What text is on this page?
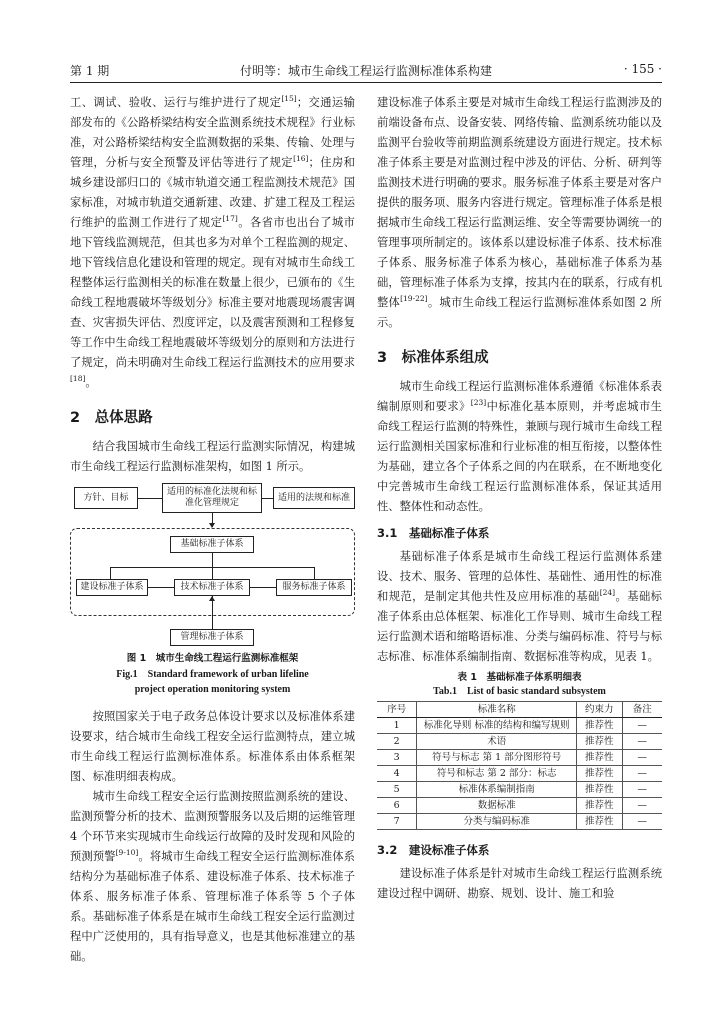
第 1 期	付明等：城市生命线工程运行监测标准体系构建	· 155 ·

工、调试、验收、运行与维护进行了规定[15]；交通运输部发布的《公路桥梁结构安全监测系统技术规程》行业标准，对公路桥梁结构安全监测数据的采集、传输、处理与管理，分析与安全预警及评估等进行了规定[16]；住房和城乡建设部归口的《城市轨道交通工程监测技术规范》国家标准，对城市轨道交通新建、改建、扩建工程及工程运行维护的监测工作进行了规定[17]。各省市也出台了城市地下管线监测规范，但其也多为对单个工程监测的规定、地下管线信息化建设和管理的规定。现有对城市生命线工程整体运行监测相关的标准在数量上很少，已颁布的《生命线工程地震破坏等级划分》标准主要对地震现场震害调查、灾害损失评估、烈度评定，以及震害预测和工程修复等工作中生命线工程地震破坏等级划分的原则和方法进行了规定，尚未明确对生命线工程运行监测技术的应用要求[18]。

2　总体思路

结合我国城市生命线工程运行监测实际情况，构建城市生命线工程运行监测标准架构，如图 1 所示。

方针、目标
适用的标准化法规和标准化管理规定
适用的法规和标准
基础标准子体系
建设标准子体系	技术标准子体系	服务标准子体系
管理标准子体系
图 1　城市生命线工程运行监测标准框架
Fig.1　Standard framework of urban lifeline
project operation monitoring system

按照国家关于电子政务总体设计要求以及标准体系建设要求，结合城市生命线工程安全运行监测特点，建立城市生命线工程运行监测标准体系。标准体系由体系框架图、标准明细表构成。

城市生命线工程安全运行监测按照监测系统的建设、监测预警分析的技术、监测预警服务以及后期的运维管理 4 个环节来实现城市生命线运行故障的及时发现和风险的预测预警[9-10]。将城市生命线工程安全运行监测标准体系结构分为基础标准子体系、建设标准子体系、技术标准子体系、服务标准子体系、管理标准子体系等 5 个子体系。基础标准子体系是在城市生命线工程安全运行监测过程中广泛使用的，具有指导意义，也是其他标准建立的基础。

建设标准子体系主要是对城市生命线工程运行监测涉及的前端设备布点、设备安装、网络传输、监测系统功能以及监测平台验收等前期监测系统建设方面进行规定。技术标准子体系主要是对监测过程中涉及的评估、分析、研判等监测技术进行明确的要求。服务标准子体系主要是对客户提供的服务项、服务内容进行规定。管理标准子体系是根据城市生命线工程运行监测运维、安全等需要协调统一的管理事项所制定的。该体系以建设标准子体系、技术标准子体系、服务标准子体系为核心，基础标准子体系为基础，管理标准子体系为支撑，按其内在的联系，行成有机整体[19-22]。城市生命线工程运行监测标准体系如图 2 所示。

3　标准体系组成

城市生命线工程运行监测标准体系遵循《标准体系表编制原则和要求》[23]中标准化基本原则，并考虑城市生命线工程运行监测的特殊性，兼顾与现行城市生命线工程运行监测相关国家标准和行业标准的相互衔接，以整体性为基础，建立各个子体系之间的内在联系，在不断地变化中完善城市生命线工程运行监测标准体系，保证其适用性、整体性和动态性。

3.1　基础标准子体系

基础标准子体系是城市生命线工程运行监测体系建设、技术、服务、管理的总体性、基础性、通用性的标准和规范，是制定其他共性及应用标准的基础[24]。基础标准子体系由总体框架、标准化工作导则、城市生命线工程运行监测术语和缩略语标准、分类与编码标准、符号与标志标准、标准体系编制指南、数据标准等构成，见表 1。

表 1　基础标准子体系明细表
Tab.1　List of basic standard subsystem
序号	标准名称	约束力	备注
1	标准化导则 标准的结构和编写规则	推荐性	—
2	术语	推荐性	—
3	符号与标志 第 1 部分图形符号	推荐性	—
4	符号和标志 第 2 部分：标志	推荐性	—
5	标准体系编制指南	推荐性	—
6	数据标准	推荐性	—
7	分类与编码标准	推荐性	—
3.2　建设标准子体系

建设标准子体系是针对城市生命线工程运行监测系统建设过程中调研、勘察、规划、设计、施工和验
